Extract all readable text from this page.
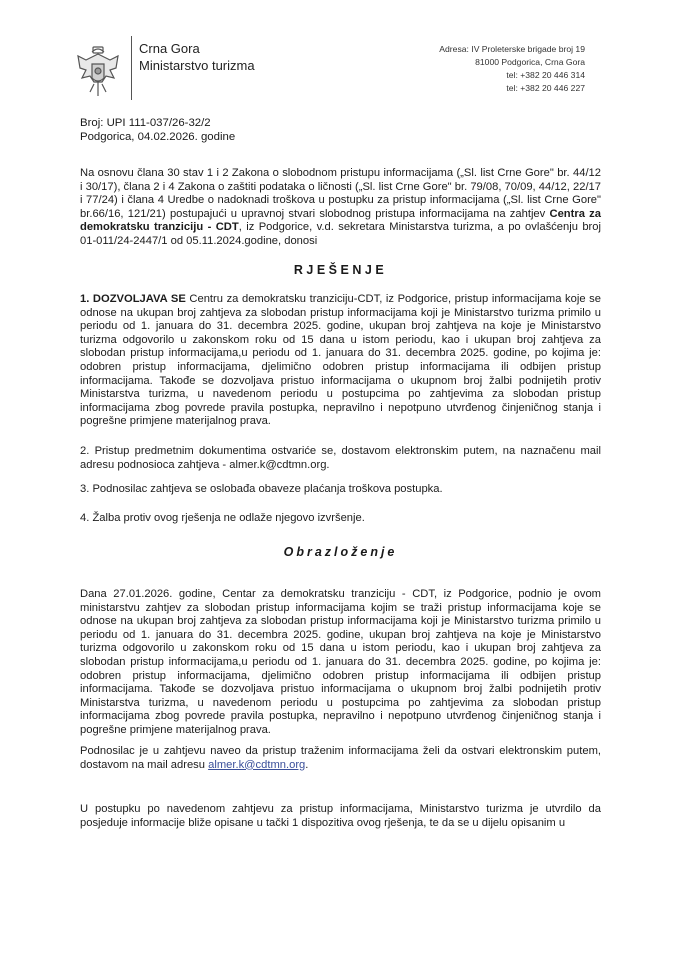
Crna Gora
Ministarstvo turizma
Adresa: IV Proleterske brigade broj 19
81000 Podgorica, Crna Gora
tel: +382 20 446 314
tel: +382 20 446 227
Broj: UPI 111-037/26-32/2
Podgorica, 04.02.2026. godine

Na osnovu člana 30 stav 1 i 2 Zakona o slobodnom pristupu informacijama („Sl. list Crne Gore" br. 44/12 i 30/17), člana 2 i 4 Zakona o zaštiti podataka o ličnosti („Sl. list Crne Gore" br. 79/08, 70/09, 44/12, 22/17 i 77/24) i člana 4 Uredbe o nadoknadi troškova u postupku za pristup informacijama („Sl. list Crne Gore" br.66/16, 121/21) postupajući u upravnoj stvari slobodnog pristupa informacijama na zahtjev Centra za demokratsku tranziciju - CDT, iz Podgorice, v.d. sekretara Ministarstva turizma, a po ovlašćenju broj 01-011/24-2447/1 od 05.11.2024.godine, donosi

RJEŠENJE

1. DOZVOLJAVA SE Centru za demokratsku tranziciju-CDT, iz Podgorice, pristup informacijama koje se odnose na ukupan broj zahtjeva za slobodan pristup informacijama koji je Ministarstvo turizma primilo u periodu od 1. januara do 31. decembra 2025. godine, ukupan broj zahtjeva na koje je Ministarstvo turizma odgovorilo u zakonskom roku od 15 dana u istom periodu, kao i ukupan broj zahtjeva za slobodan pristup informacijama,u periodu od 1. januara do 31. decembra 2025. godine, po kojima je: odobren pristup informacijama, djelimično odobren pristup informacijama ili odbijen pristup informacijama. Takođe se dozvoljava pristuo informacijama o ukupnom broj žalbi podnijetih protiv Ministarstva turizma, u navedenom periodu u postupcima po zahtjevima za slobodan pristup informacijama zbog povrede pravila postupka, nepravilno i nepotpuno utvrđenog činjeničnog stanja i pogrešne primjene materijalnog prava.

2. Pristup predmetnim dokumentima ostvariće se, dostavom elektronskim putem, na naznačenu mail adresu podnosioca zahtjeva - almer.k@cdtmn.org.

3. Podnosilac zahtjeva se oslobađa obaveze plaćanja troškova postupka.

4. Žalba protiv ovog rješenja ne odlaže njegovo izvršenje.

Obrazloženje

Dana 27.01.2026. godine, Centar za demokratsku tranziciju - CDT, iz Podgorice, podnio je ovom ministarstvu zahtjev za slobodan pristup informacijama kojim se traži pristup informacijama koje se odnose na ukupan broj zahtjeva za slobodan pristup informacijama koji je Ministarstvo turizma primilo u periodu od 1. januara do 31. decembra 2025. godine, ukupan broj zahtjeva na koje je Ministarstvo turizma odgovorilo u zakonskom roku od 15 dana u istom periodu, kao i ukupan broj zahtjeva za slobodan pristup informacijama,u periodu od 1. januara do 31. decembra 2025. godine, po kojima je: odobren pristup informacijama, djelimično odobren pristup informacijama ili odbijen pristup informacijama. Takođe se dozvoljava pristuo informacijama o ukupnom broj žalbi podnijetih protiv Ministarstva turizma, u navedenom periodu u postupcima po zahtjevima za slobodan pristup informacijama zbog povrede pravila postupka, nepravilno i nepotpuno utvrđenog činjeničnog stanja i pogrešne primjene materijalnog prava.

Podnosilac je u zahtjevu naveo da pristup traženim informacijama želi da ostvari elektronskim putem, dostavom na mail adresu almer.k@cdtmn.org.

U postupku po navedenom zahtjevu za pristup informacijama, Ministarstvo turizma je utvrdilo da posjeduje informacije bliže opisane u tački 1 dispozitiva ovog rješenja, te da se u dijelu opisanim u
